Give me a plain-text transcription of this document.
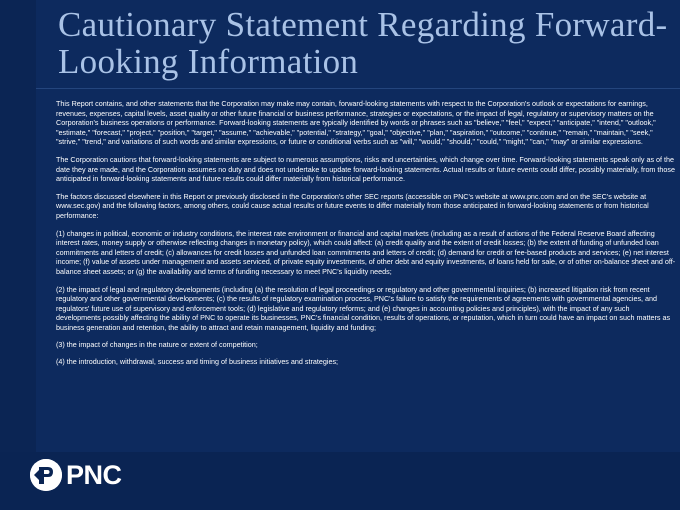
Cautionary Statement Regarding Forward-Looking Information

This Report contains, and other statements that the Corporation may make may contain, forward-looking statements with respect to the Corporation's outlook or expectations for earnings, revenues, expenses, capital levels, asset quality or other future financial or business performance, strategies or expectations, or the impact of legal, regulatory or supervisory matters on the Corporation's business operations or performance. Forward-looking statements are typically identified by words or phrases such as "believe," "feel," "expect," "anticipate," "intend," "outlook," "estimate," "forecast," "project," "position," "target," "assume," "achievable," "potential," "strategy," "goal," "objective," "plan," "aspiration," "outcome," "continue," "remain," "maintain," "seek," "strive," "trend," and variations of such words and similar expressions, or future or conditional verbs such as "will," "would," "should," "could," "might," "can," "may" or similar expressions.

The Corporation cautions that forward-looking statements are subject to numerous assumptions, risks and uncertainties, which change over time. Forward-looking statements speak only as of the date they are made, and the Corporation assumes no duty and does not undertake to update forward-looking statements. Actual results or future events could differ, possibly materially, from those anticipated in forward-looking statements and future results could differ materially from historical performance.

The factors discussed elsewhere in this Report or previously disclosed in the Corporation's other SEC reports (accessible on PNC's website at www.pnc.com and on the SEC's website at www.sec.gov) and the following factors, among others, could cause actual results or future events to differ materially from those anticipated in forward-looking statements or from historical performance:

(1) changes in political, economic or industry conditions, the interest rate environment or financial and capital markets (including as a result of actions of the Federal Reserve Board affecting interest rates, money supply or otherwise reflecting changes in monetary policy), which could affect: (a) credit quality and the extent of credit losses; (b) the extent of funding of unfunded loan commitments and letters of credit; (c) allowances for credit losses and unfunded loan commitments and letters of credit; (d) demand for credit or fee-based products and services; (e) net interest income; (f) value of assets under management and assets serviced, of private equity investments, of other debt and equity investments, of loans held for sale, or of other on-balance sheet and off-balance sheet assets; or (g) the availability and terms of funding necessary to meet PNC's liquidity needs;

(2) the impact of legal and regulatory developments (including (a) the resolution of legal proceedings or regulatory and other governmental inquiries; (b) increased litigation risk from recent regulatory and other governmental developments; (c) the results of regulatory examination process, PNC's failure to satisfy the requirements of agreements with governmental agencies, and regulators' future use of supervisory and enforcement tools; (d) legislative and regulatory reforms; and (e) changes in accounting policies and principles), with the impact of any such developments possibly affecting the ability of PNC to operate its businesses, PNC's financial condition, results of operations, or reputation, which in turn could have an impact on such matters as business generation and retention, the ability to attract and retain management, liquidity and funding;

(3) the impact of changes in the nature or extent of competition;

(4) the introduction, withdrawal, success and timing of business initiatives and strategies;

PNC
